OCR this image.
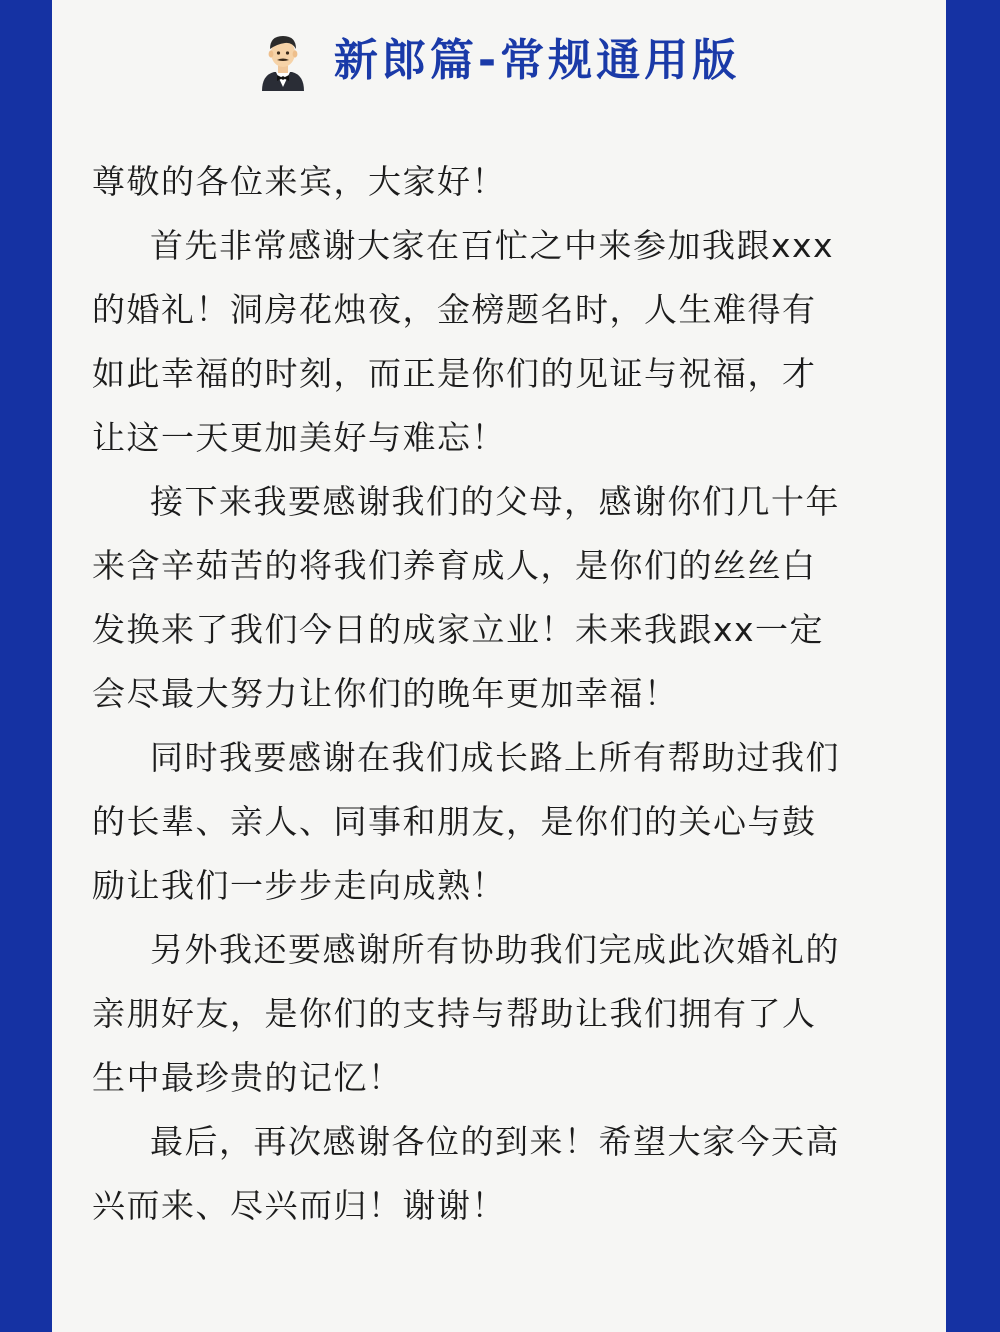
新郎篇-常规通用版
尊敬的各位来宾，大家好！
首先非常感谢大家在百忙之中来参加我跟xxx
的婚礼！洞房花烛夜，金榜题名时，人生难得有
如此幸福的时刻，而正是你们的见证与祝福，才
让这一天更加美好与难忘！
接下来我要感谢我们的父母，感谢你们几十年
来含辛茹苦的将我们养育成人，是你们的丝丝白
发换来了我们今日的成家立业！未来我跟xx一定
会尽最大努力让你们的晚年更加幸福！
同时我要感谢在我们成长路上所有帮助过我们
的长辈、亲人、同事和朋友，是你们的关心与鼓
励让我们一步步走向成熟！
另外我还要感谢所有协助我们完成此次婚礼的
亲朋好友，是你们的支持与帮助让我们拥有了人
生中最珍贵的记忆！
最后，再次感谢各位的到来！希望大家今天高
兴而来、尽兴而归！谢谢！
